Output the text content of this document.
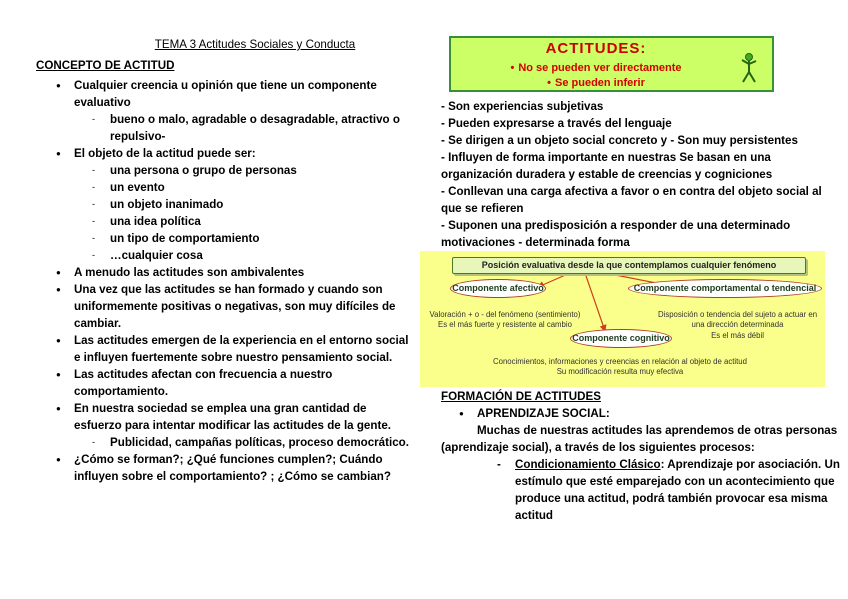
TEMA 3 Actitudes Sociales y Conducta
CONCEPTO DE ACTITUD
● Cualquier creencia u opinión que tiene un componente evaluativo
- bueno o malo, agradable o desagradable, atractivo o repulsivo-
● El objeto de la actitud puede ser:
- una persona o grupo de personas
- un evento
- un objeto inanimado
- una idea política
- un tipo de comportamiento
- …cualquier cosa
● A menudo las actitudes son ambivalentes
● Una vez que las actitudes se han formado y cuando son uniformemente positivas o negativas, son muy difíciles de cambiar.
● Las actitudes emergen de la experiencia en el entorno social e influyen fuertemente sobre nuestro pensamiento social.
● Las actitudes afectan con frecuencia a nuestro comportamiento.
● En nuestra sociedad se emplea una gran cantidad de esfuerzo para intentar modificar las actitudes de la gente.
- Publicidad, campañas políticas, proceso democrático.
● ¿Cómo se forman?; ¿Qué funciones cumplen?; Cuándo influyen sobre el comportamiento? ; ¿Cómo se cambian?
ACTITUDES:
• No se pueden ver directamente
• Se pueden inferir
- Son experiencias subjetivas
- Pueden expresarse a través del lenguaje
- Se dirigen a un objeto social concreto y - Son muy persistentes
- Influyen de forma importante en nuestras Se basan en una organización duradera y estable de creencias y cogniciones
- Conllevan una carga afectiva a favor o en contra del objeto social al que se refieren
- Suponen una predisposición a responder de una determinado motivaciones - determinada forma
Posición evaluativa desde la que contemplamos cualquier fenómeno
Componente afectivo	Componente comportamental o tendencial
Componente cognitivo
Valoración + o - del fenómeno (sentimiento)
Es el más fuerte y resistente al cambio
Disposición o tendencia del sujeto a actuar en
una dirección determinada
Es el más débil
Conocimientos, informaciones y creencias en relación al objeto de actitud
Su modificación resulta muy efectiva
FORMACIÓN DE ACTITUDES
● APRENDIZAJE SOCIAL:
Muchas de nuestras actitudes las aprendemos de otras personas (aprendizaje social), a través de los siguientes procesos:
- Condicionamiento Clásico: Aprendizaje por asociación. Un estímulo que esté emparejado con un acontecimiento que produce una actitud, podrá también provocar esa misma actitud
